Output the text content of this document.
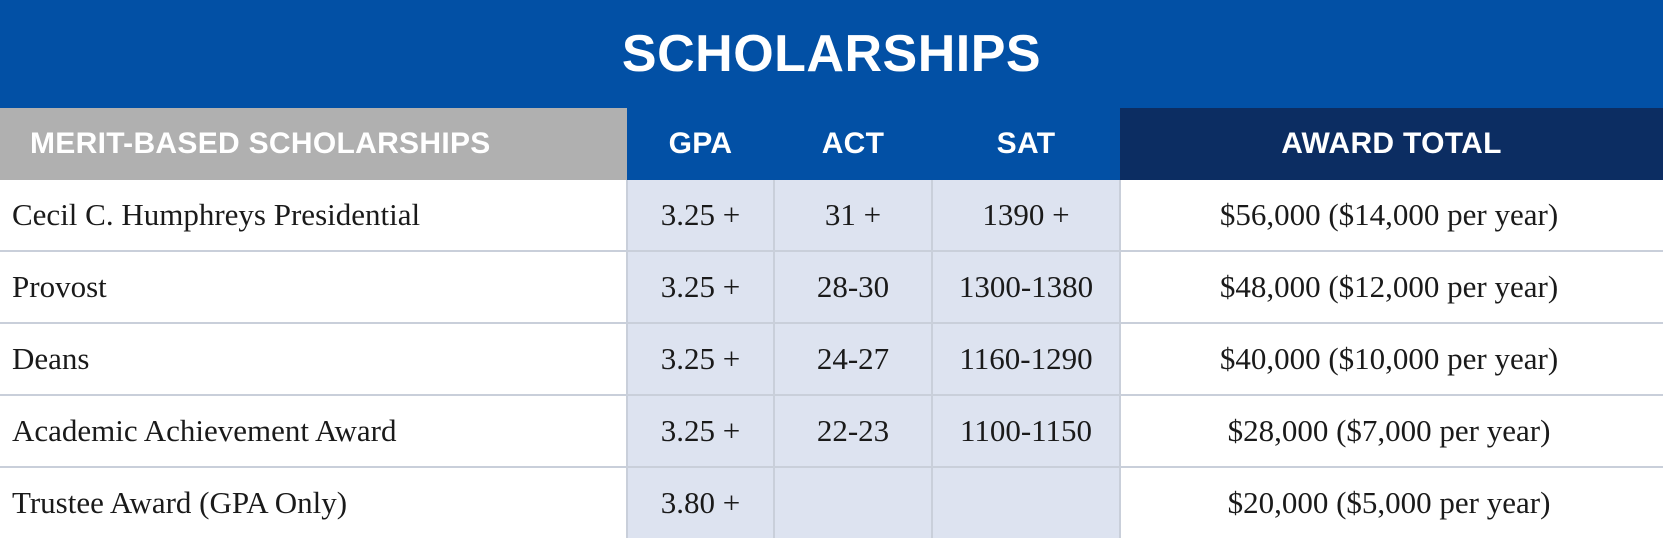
SCHOLARSHIPS
MERIT-BASED SCHOLARSHIPS	GPA	ACT	SAT	AWARD TOTAL
Cecil C. Humphreys Presidential	3.25 +	31 +	1390 +	$56,000 ($14,000 per year)
Provost	3.25 +	28-30	1300-1380	$48,000 ($12,000 per year)
Deans	3.25 +	24-27	1160-1290	$40,000 ($10,000 per year)
Academic Achievement Award	3.25 +	22-23	1100-1150	$28,000 ($7,000 per year)
Trustee Award (GPA Only)	3.80 +			$20,000 ($5,000 per year)
